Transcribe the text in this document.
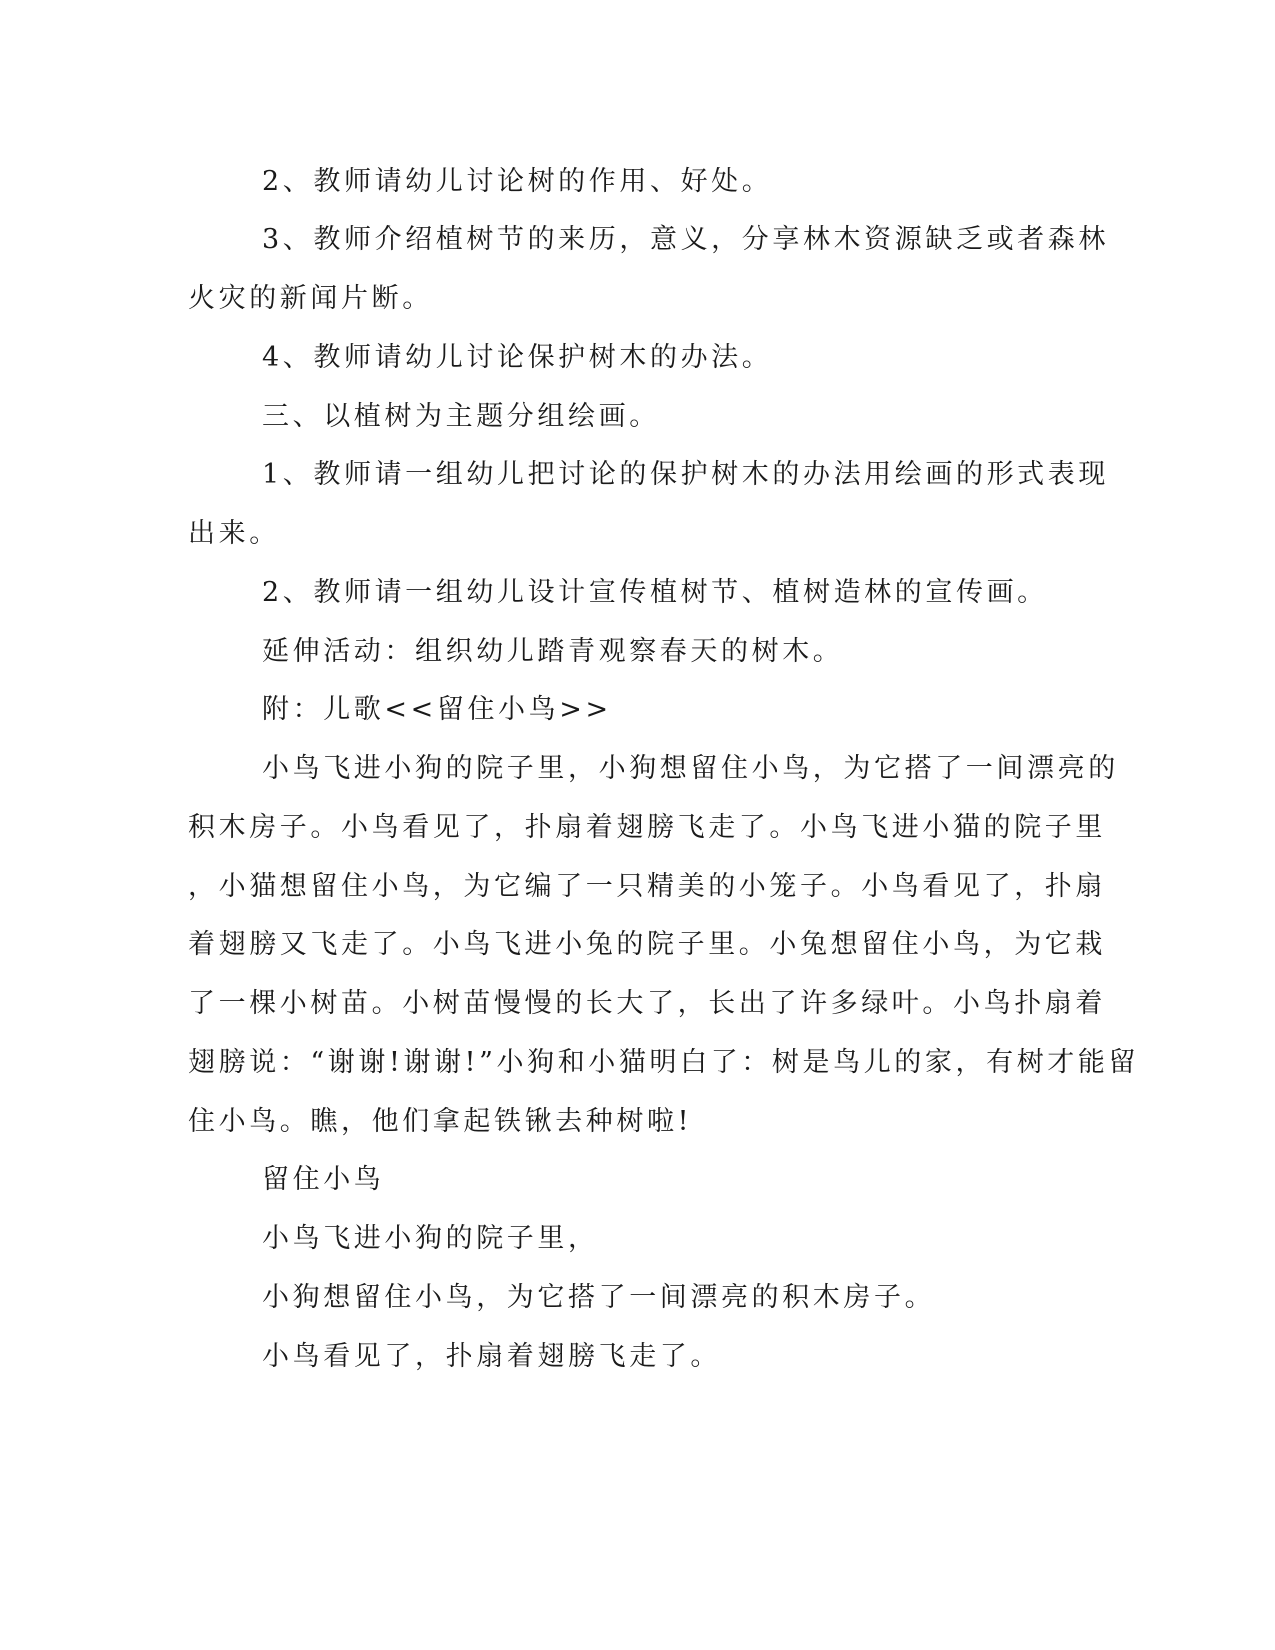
2、教师请幼儿讨论树的作用、好处。
3、教师介绍植树节的来历，意义，分享林木资源缺乏或者森林
火灾的新闻片断。
4、教师请幼儿讨论保护树木的办法。
三、以植树为主题分组绘画。
1、教师请一组幼儿把讨论的保护树木的办法用绘画的形式表现
出来。
2、教师请一组幼儿设计宣传植树节、植树造林的宣传画。
延伸活动：组织幼儿踏青观察春天的树木。
附：儿歌<<留住小鸟>>
小鸟飞进小狗的院子里，小狗想留住小鸟，为它搭了一间漂亮的
积木房子。小鸟看见了，扑扇着翅膀飞走了。小鸟飞进小猫的院子里
，小猫想留住小鸟，为它编了一只精美的小笼子。小鸟看见了，扑扇
着翅膀又飞走了。小鸟飞进小兔的院子里。小兔想留住小鸟，为它栽
了一棵小树苗。小树苗慢慢的长大了，长出了许多绿叶。小鸟扑扇着
翅膀说：“谢谢!谢谢!”小狗和小猫明白了：树是鸟儿的家，有树才能留
住小鸟。瞧，他们拿起铁锹去种树啦!
留住小鸟
小鸟飞进小狗的院子里，
小狗想留住小鸟，为它搭了一间漂亮的积木房子。
小鸟看见了，扑扇着翅膀飞走了。
